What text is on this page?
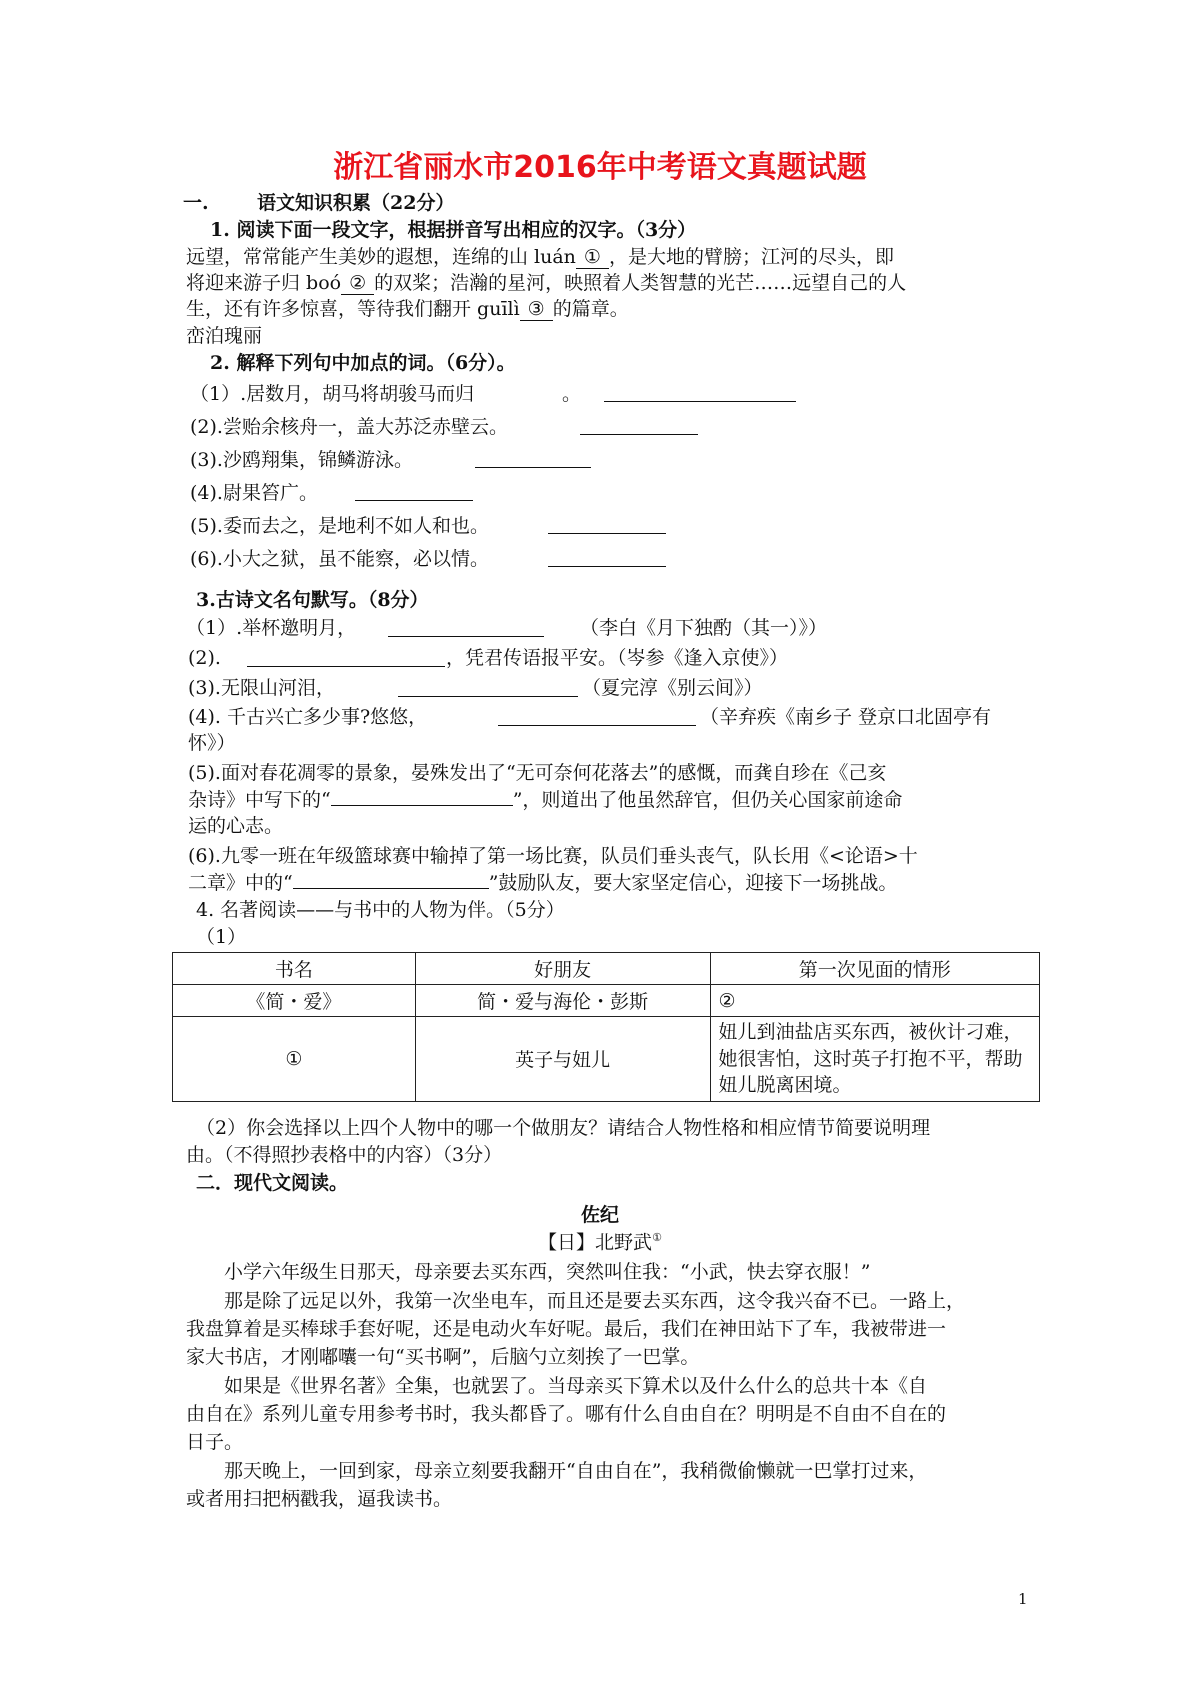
浙江省丽水市2016年中考语文真题试题
一.	语文知识积累（22分）
1. 阅读下面一段文字，根据拼音写出相应的汉字。（3分）
远望，常常能产生美妙的遐想，连绵的山 luán ① ，是大地的臂膀；江河的尽头，即
将迎来游子归 boó ② 的双桨；浩瀚的星河，映照着人类智慧的光芒……远望自己的人
生，还有许多惊喜，等待我们翻开 guīlì ③ 的篇章。
峦泊瑰丽
2. 解释下列句中加点的词。（6分）。
（1）.居数月，胡马将胡骏马而归	。
(2).尝贻余核舟一，盖大苏泛赤壁云。
(3).沙鸥翔集，锦鳞游泳。
(4).尉果笞广。
(5).委而去之，是地利不如人和也。
(6).小大之狱，虽不能察，必以情。
3.古诗文名句默写。（8分）
（1）.举杯邀明月，	（李白《月下独酌（其一）》）
(2).	，凭君传语报平安。（岑参《逢入京使》）
(3).无限山河泪，	（夏完淳《别云间》）
(4). 千古兴亡多少事?悠悠，	（辛弃疾《南乡子 登京口北固亭有
怀》）
(5).面对春花凋零的景象，晏殊发出了“无可奈何花落去”的感慨，而龚自珍在《己亥
杂诗》中写下的“	”，则道出了他虽然辞官，但仍关心国家前途命
运的心志。
(6).九零一班在年级篮球赛中输掉了第一场比赛，队员们垂头丧气，队长用《<论语>十
二章》中的“	”鼓励队友，要大家坚定信心，迎接下一场挑战。
4. 名著阅读——与书中的人物为伴。（5分）
（1）
书名	好朋友	第一次见面的情形
《简・爱》	简・爱与海伦・彭斯	②
①	英子与妞儿	妞儿到油盐店买东西，被伙计刁难，她很害怕，这时英子打抱不平，帮助妞儿脱离困境。
（2）你会选择以上四个人物中的哪一个做朋友？请结合人物性格和相应情节简要说明理
由。（不得照抄表格中的内容）（3分）
二．现代文阅读。
佐纪
【日】北野武①
小学六年级生日那天，母亲要去买东西，突然叫住我：“小武，快去穿衣服！”
那是除了远足以外，我第一次坐电车，而且还是要去买东西，这令我兴奋不已。一路上，
我盘算着是买棒球手套好呢，还是电动火车好呢。最后，我们在神田站下了车，我被带进一
家大书店，才刚嘟囔一句“买书啊”，后脑勺立刻挨了一巴掌。
如果是《世界名著》全集，也就罢了。当母亲买下算术以及什么什么的总共十本《自
由自在》系列儿童专用参考书时，我头都昏了。哪有什么自由自在？明明是不自由不自在的
日子。
那天晚上，一回到家，母亲立刻要我翻开“自由自在”，我稍微偷懒就一巴掌打过来，
或者用扫把柄戳我，逼我读书。
1
